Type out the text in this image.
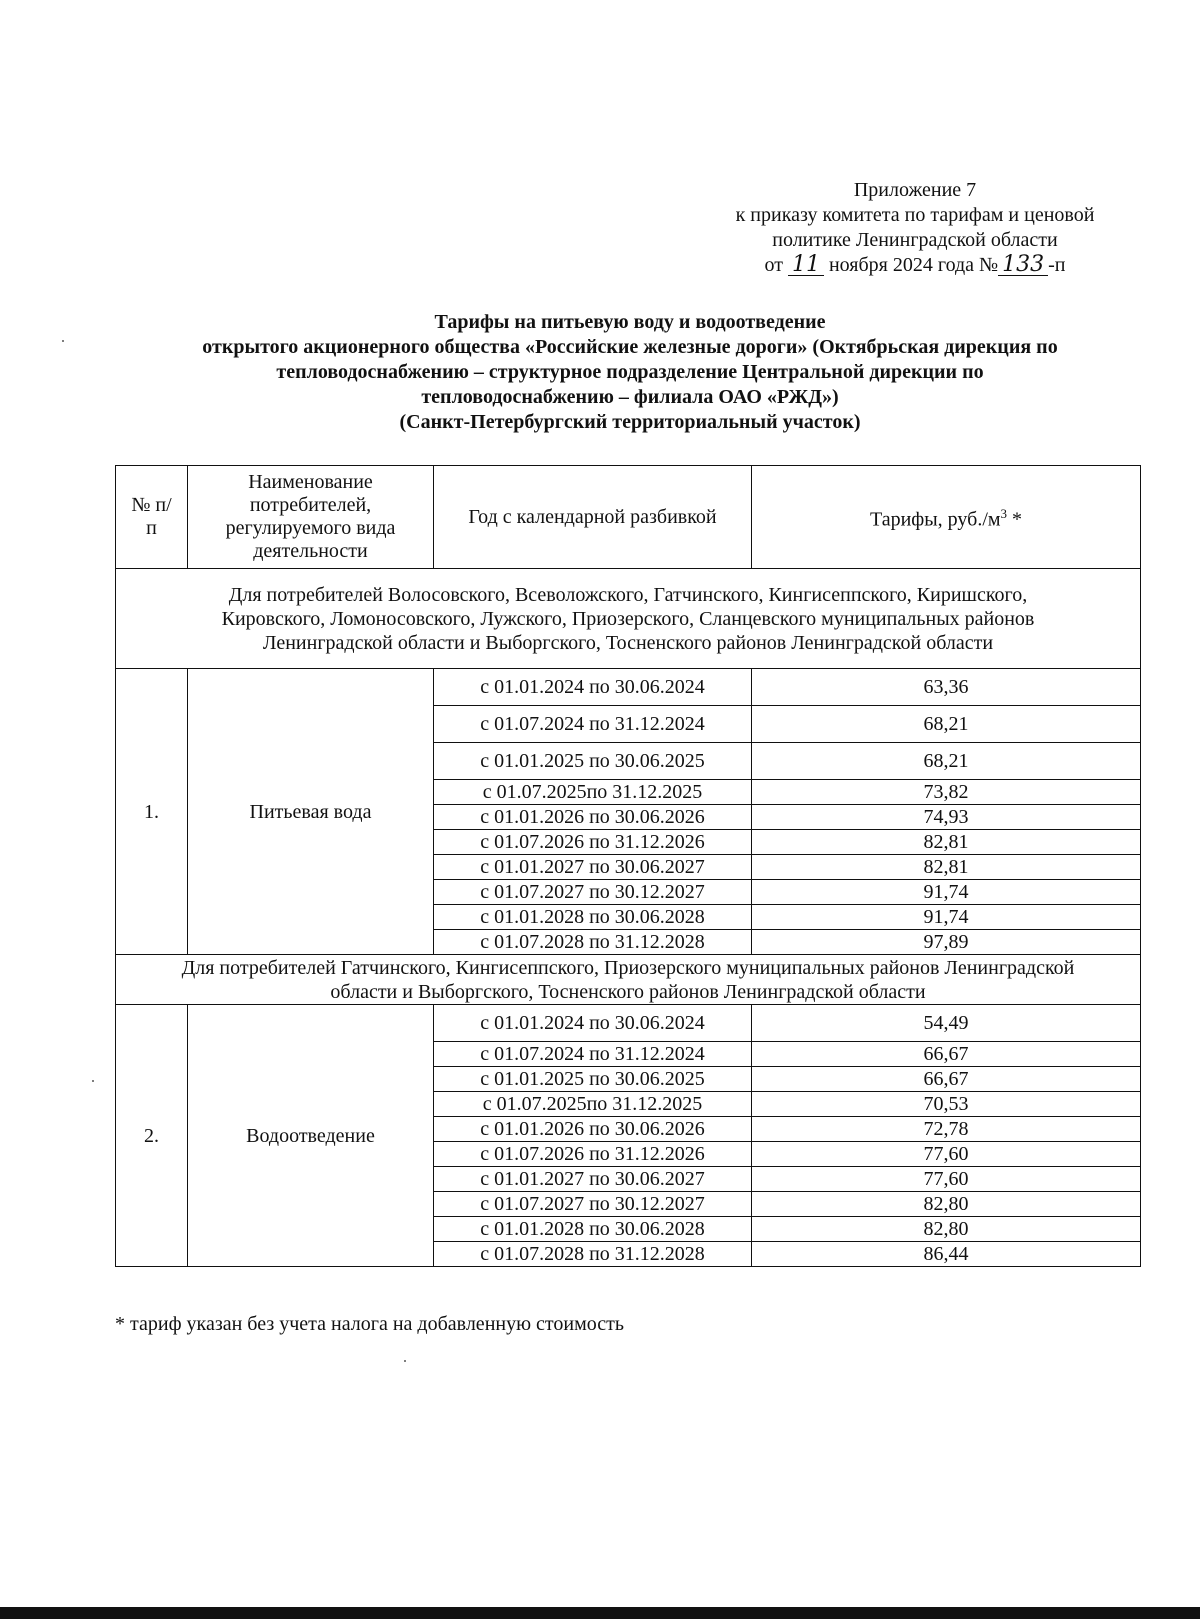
Приложение 7
к приказу комитета по тарифам и ценовой
политике Ленинградской области
от 11 ноября 2024 года № 133 -п
Тарифы на питьевую воду и водоотведение
открытого акционерного общества «Российские железные дороги» (Октябрьская дирекция по
тепловодоснабжению – структурное подразделение Центральной дирекции по
тепловодоснабжению – филиала ОАО «РЖД»)
(Санкт-Петербургский территориальный участок)
№ п/п	Наименование потребителей, регулируемого вида деятельности	Год с календарной разбивкой	Тарифы, $руб./м^3$ *
Для потребителей Волосовского, Всеволожского, Гатчинского, Кингисеппского, Киришского, Кировского, Ломоносовского, Лужского, Приозерского, Сланцевского муниципальных районов Ленинградской области и Выборгского, Тосненского районов Ленинградской области			
1.	Питьевая вода	с 01.01.2024 по 30.06.2024	63,36
		с 01.07.2024 по 31.12.2024	68,21
		с 01.01.2025 по 30.06.2025	68,21
		с 01.07.2025по 31.12.2025	73,82
		с 01.01.2026 по 30.06.2026	74,93
		с 01.07.2026 по 31.12.2026	82,81
		с 01.01.2027 по 30.06.2027	82,81
		с 01.07.2027 по 30.12.2027	91,74
		с 01.01.2028 по 30.06.2028	91,74
		с 01.07.2028 по 31.12.2028	97,89
Для потребителей Гатчинского, Кингисеппского, Приозерского муниципальных районов Ленинградской области и Выборгского, Тосненского районов Ленинградской области			
2.	Водоотведение	с 01.01.2024 по 30.06.2024	54,49
		с 01.07.2024 по 31.12.2024	66,67
		с 01.01.2025 по 30.06.2025	66,67
		с 01.07.2025по 31.12.2025	70,53
		с 01.01.2026 по 30.06.2026	72,78
		с 01.07.2026 по 31.12.2026	77,60
		с 01.01.2027 по 30.06.2027	77,60
		с 01.07.2027 по 30.12.2027	82,80
		с 01.01.2028 по 30.06.2028	82,80
		с 01.07.2028 по 31.12.2028	86,44
* тариф указан без учета налога на добавленную стоимость
